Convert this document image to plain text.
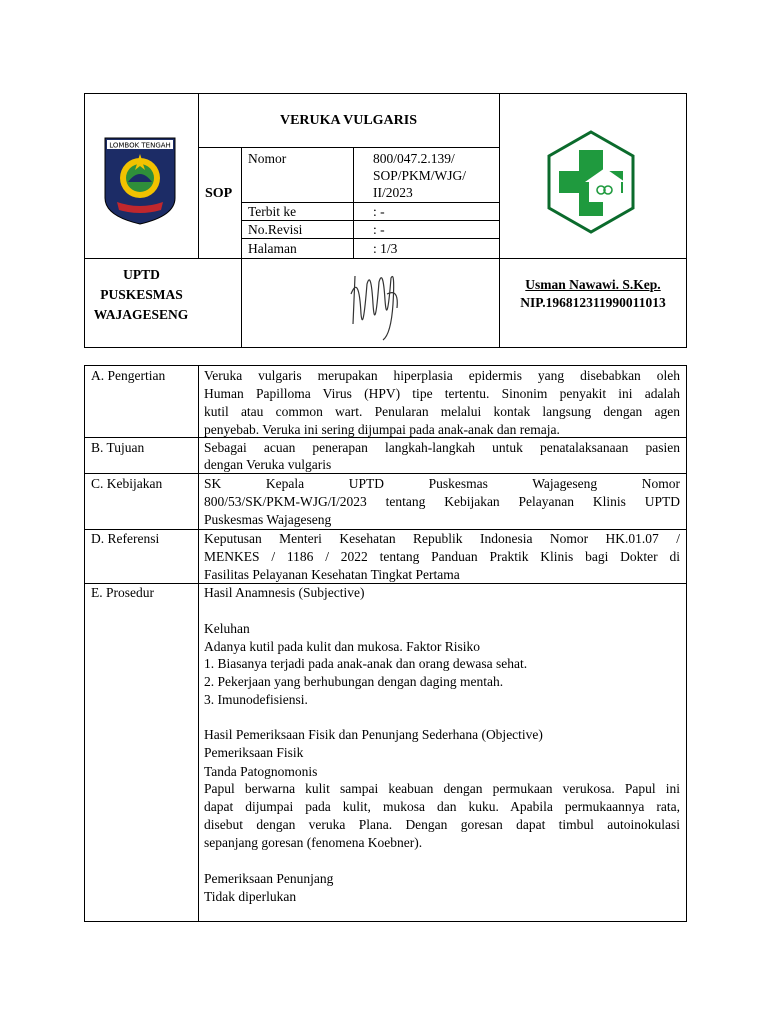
LOMBOK TENGAH
VERUKA VULGARIS
SOP
Nomor	800/047.2.139/
SOP/PKM/WJG/
II/2023
Terbit ke	: -
No.Revisi	: -
Halaman	: 1/3
UPTD
PUSKESMAS
WAJAGESENG
Usman Nawawi. S.Kep.
NIP.196812311990011013
A. Pengertian	Veruka vulgaris merupakan hiperplasia epidermis yang disebabkan oleh
Human Papilloma Virus (HPV) tipe tertentu. Sinonim penyakit ini adalah
kutil atau common wart. Penularan melalui kontak langsung dengan agen
penyebab. Veruka ini sering dijumpai pada anak-anak dan remaja.
B. Tujuan	Sebagai acuan penerapan langkah-langkah untuk penatalaksanaan pasien
dengan Veruka vulgaris
C. Kebijakan	SK Kepala UPTD Puskesmas Wajageseng Nomor
800/53/SK/PKM-WJG/I/2023 tentang Kebijakan Pelayanan Klinis UPTD
Puskesmas Wajageseng
D. Referensi	Keputusan Menteri Kesehatan Republik Indonesia Nomor HK.01.07 /
MENKES / 1186 / 2022 tentang Panduan Praktik Klinis bagi Dokter di
Fasilitas Pelayanan Kesehatan Tingkat Pertama
E. Prosedur	Hasil Anamnesis (Subjective)
Keluhan
Adanya kutil pada kulit dan mukosa. Faktor Risiko
1. Biasanya terjadi pada anak-anak dan orang dewasa sehat.
2. Pekerjaan yang berhubungan dengan daging mentah.
3. Imunodefisiensi.
Hasil Pemeriksaan Fisik dan Penunjang Sederhana (Objective)
Pemeriksaan Fisik
Tanda Patognomonis
Papul berwarna kulit sampai keabuan dengan permukaan verukosa. Papul ini
dapat dijumpai pada kulit, mukosa dan kuku. Apabila permukaannya rata,
disebut dengan veruka Plana. Dengan goresan dapat timbul autoinokulasi
sepanjang goresan (fenomena Koebner).
Pemeriksaan Penunjang
Tidak diperlukan
